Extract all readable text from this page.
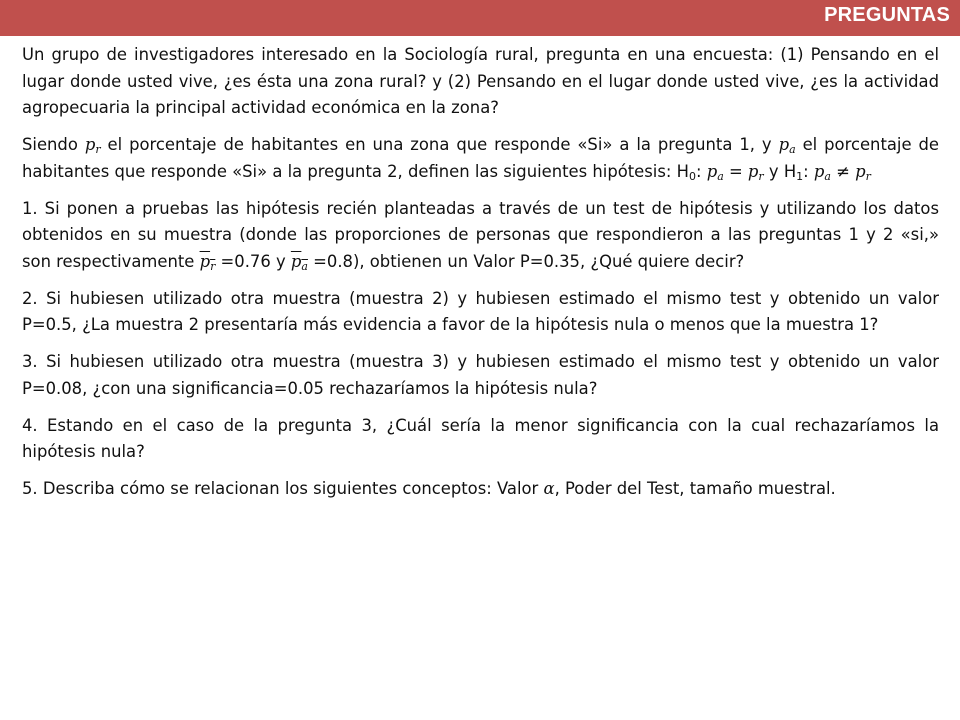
PREGUNTAS

Un grupo de investigadores interesado en la Sociología rural, pregunta en una encuesta: (1) Pensando en el lugar donde usted vive, ¿es ésta una zona rural? y (2) Pensando en el lugar donde usted vive, ¿es la actividad agropecuaria la principal actividad económica en la zona?

Siendo $p_r$ el porcentaje de habitantes en una zona que responde «Si» a la pregunta 1, y $p_a$ el porcentaje de habitantes que responde «Si» a la pregunta 2, definen las siguientes hipótesis: $H_0$: $p_a = p_r$ y $H_1$: $p_a \ne p_r$

1. Si ponen a pruebas las hipótesis recién planteadas a través de un test de hipótesis y utilizando los datos obtenidos en su muestra (donde las proporciones de personas que respondieron a las preguntas 1 y 2 «si,» son respectivamente $p_r =0.76$ y $p_a =0.8$), obtienen un Valor P=0.35, ¿Qué quiere decir?

2. Si hubiesen utilizado otra muestra (muestra 2) y hubiesen estimado el mismo test y obtenido un valor P=0.5, ¿La muestra 2 presentaría más evidencia a favor de la hipótesis nula o menos que la muestra 1?

3. Si hubiesen utilizado otra muestra (muestra 3) y hubiesen estimado el mismo test y obtenido un valor P=0.08, ¿con una significancia=0.05 rechazaríamos la hipótesis nula?

4. Estando en el caso de la pregunta 3, ¿Cuál sería la menor significancia con la cual rechazaríamos la hipótesis nula?

5. Describa cómo se relacionan los siguientes conceptos: Valor α, Poder del Test, tamaño muestral.
